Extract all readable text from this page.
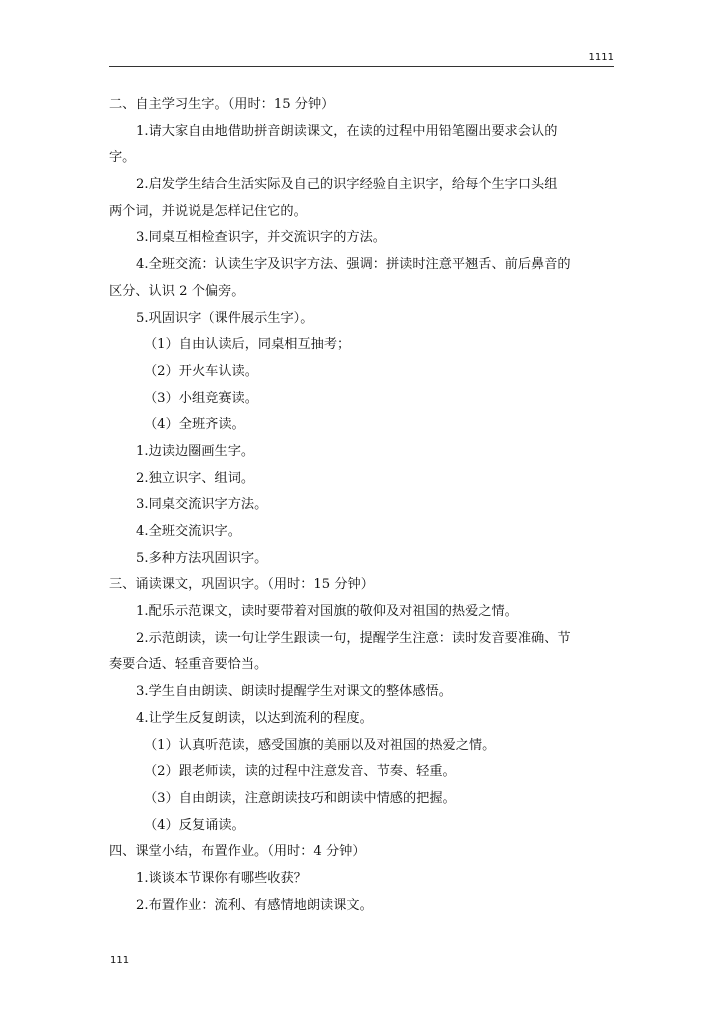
1111
二、自主学习生字。（用时：15 分钟）
1.请大家自由地借助拼音朗读课文，在读的过程中用铅笔圈出要求会认的
字。
2.启发学生结合生活实际及自己的识字经验自主识字，给每个生字口头组
两个词，并说说是怎样记住它的。
3.同桌互相检查识字，并交流识字的方法。
4.全班交流：认读生字及识字方法、强调：拼读时注意平翘舌、前后鼻音的
区分、认识 2 个偏旁。
5.巩固识字（课件展示生字）。
（1）自由认读后，同桌相互抽考；
（2）开火车认读。
（3）小组竞赛读。
（4）全班齐读。
1.边读边圈画生字。
2.独立识字、组词。
3.同桌交流识字方法。
4.全班交流识字。
5.多种方法巩固识字。
三、诵读课文，巩固识字。（用时：15 分钟）
1.配乐示范课文，读时要带着对国旗的敬仰及对祖国的热爱之情。
2.示范朗读，读一句让学生跟读一句，提醒学生注意：读时发音要准确、节
奏要合适、轻重音要恰当。
3.学生自由朗读、朗读时提醒学生对课文的整体感悟。
4.让学生反复朗读，以达到流利的程度。
（1）认真听范读，感受国旗的美丽以及对祖国的热爱之情。
（2）跟老师读，读的过程中注意发音、节奏、轻重。
（3）自由朗读，注意朗读技巧和朗读中情感的把握。
（4）反复诵读。
四、课堂小结，布置作业。（用时：4 分钟）
1.谈谈本节课你有哪些收获？
2.布置作业：流利、有感情地朗读课文。
111
